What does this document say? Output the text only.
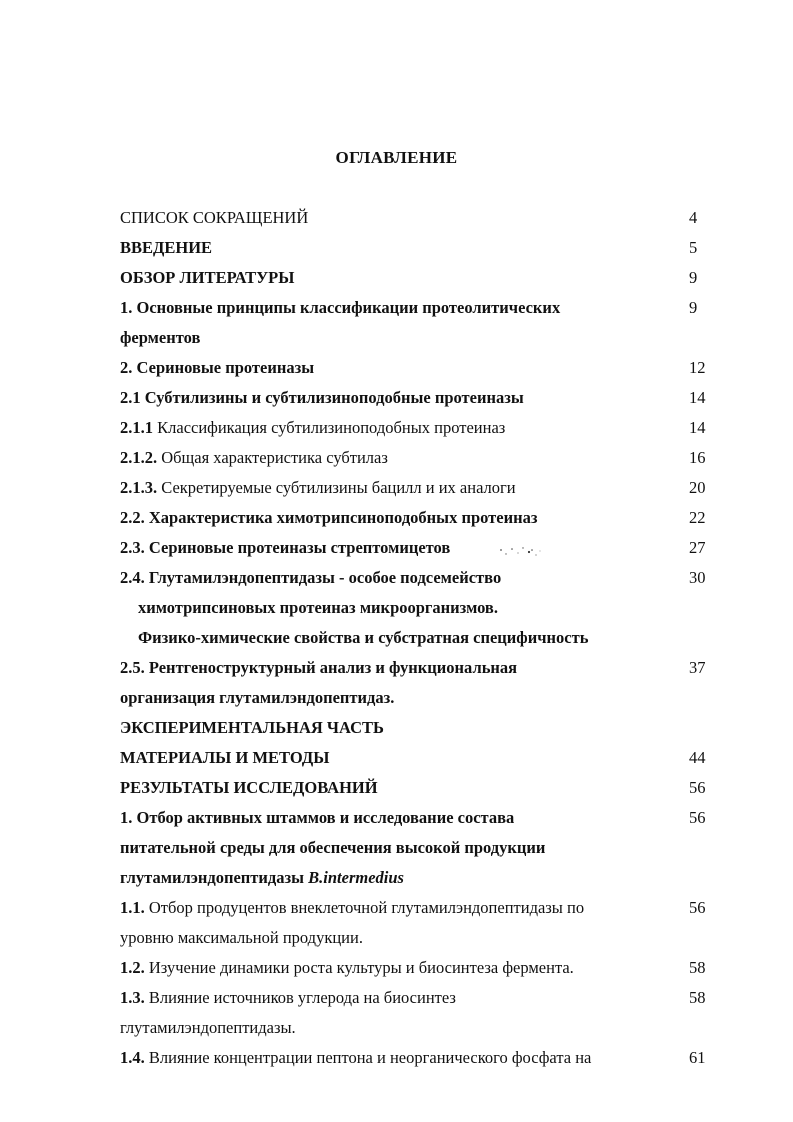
ОГЛАВЛЕНИЕ
СПИСОК СОКРАЩЕНИЙ	4
ВВЕДЕНИЕ	5
ОБЗОР ЛИТЕРАТУРЫ	9
1. Основные принципы классификации протеолитических	9
ферментов
2. Сериновые протеиназы	12
2.1 Субтилизины и субтилизиноподобные протеиназы	14
2.1.1 Классификация субтилизиноподобных протеиназ	14
2.1.2. Общая характеристика субтилаз	16
2.1.3. Секретируемые субтилизины бацилл и их аналоги	20
2.2. Характеристика химотрипсиноподобных протеиназ	22
2.3. Сериновые протеиназы стрептомицетов	27
2.4. Глутамилэндопептидазы - особое подсемейство	30
химотрипсиновых протеиназ микроорганизмов.
Физико-химические свойства и субстратная специфичность
2.5. Рентгеноструктурный анализ и функциональная	37
организация глутамилэндопептидаз.
ЭКСПЕРИМЕНТАЛЬНАЯ ЧАСТЬ
МАТЕРИАЛЫ И МЕТОДЫ	44
РЕЗУЛЬТАТЫ ИССЛЕДОВАНИЙ	56
1. Отбор активных штаммов и исследование состава	56
питательной среды для обеспечения высокой продукции
глутамилэндопептидазы B.intermedius
1.1. Отбор продуцентов внеклеточной глутамилэндопептидазы по	56
уровню максимальной продукции.
1.2. Изучение динамики роста культуры и биосинтеза фермента.	58
1.3. Влияние источников углерода на биосинтез	58
глутамилэндопептидазы.
1.4. Влияние концентрации пептона и неорганического фосфата на	61
